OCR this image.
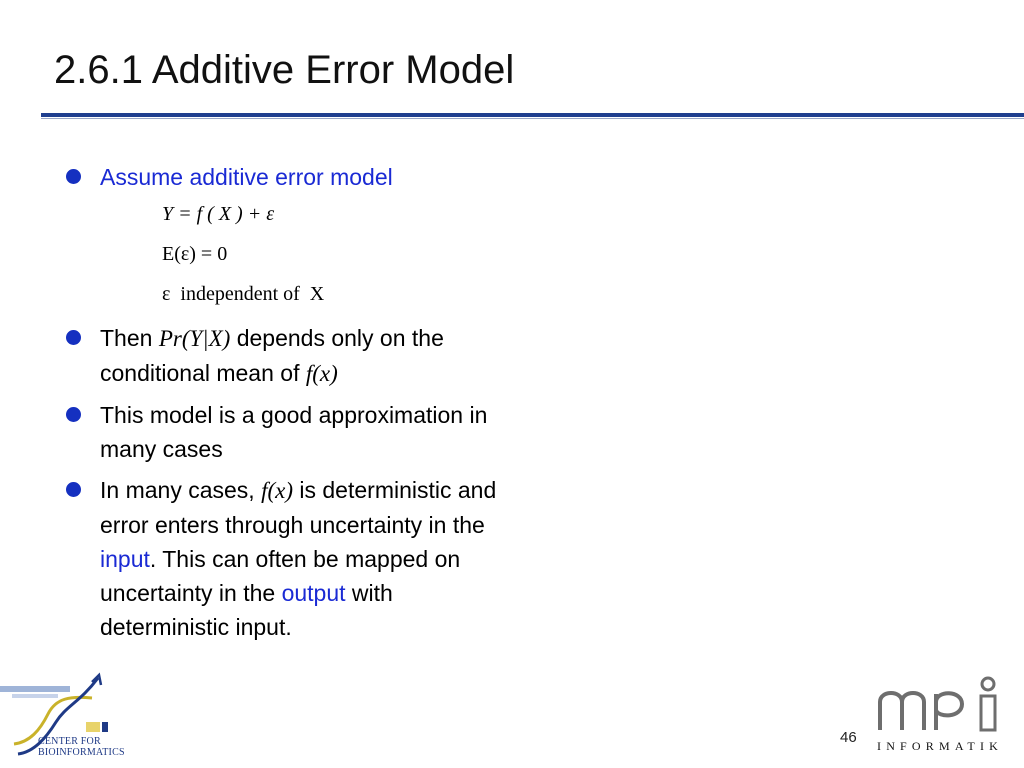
2.6.1 Additive Error Model
Assume additive error model
Y = f ( X ) + ε
E(ε) = 0
ε  independent of  X
Then Pr(Y|X) depends only on the conditional mean of f(x)
This model is a good approximation in many cases
In many cases, f(x) is deterministic and error enters through uncertainty in the input. This can often be mapped on uncertainty in the output with deterministic input.
CENTER FOR
BIOINFORMATICS
46 INFORMATIK
